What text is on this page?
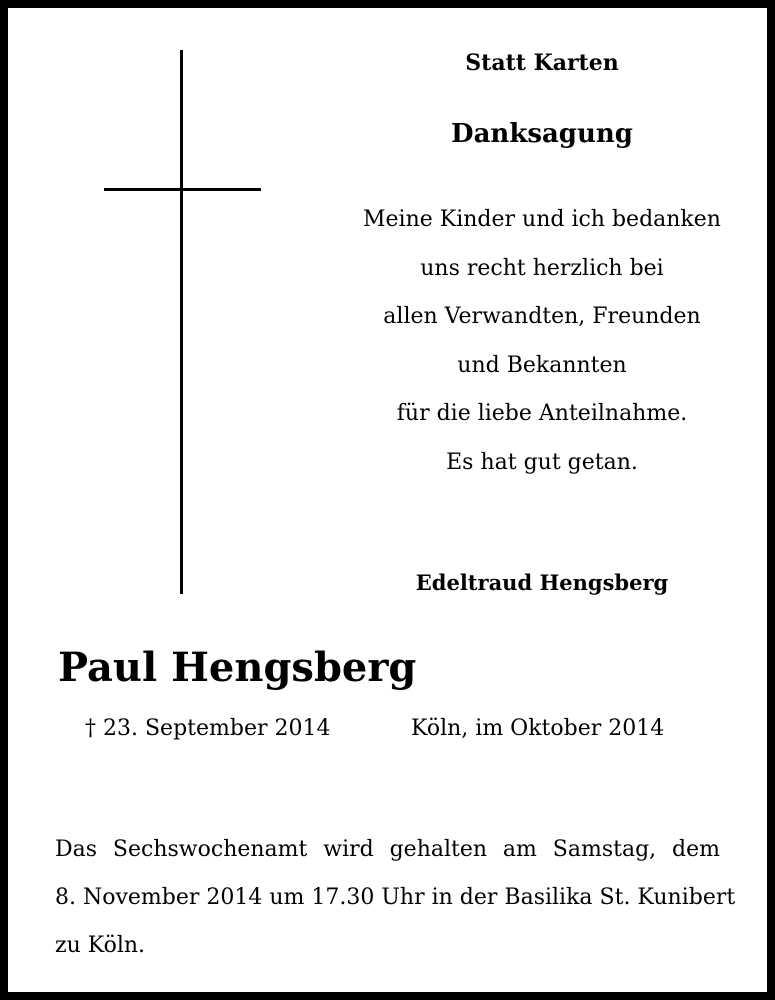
Statt Karten
Danksagung
Meine Kinder und ich bedanken
uns recht herzlich bei
allen Verwandten, Freunden
und Bekannten
für die liebe Anteilnahme.
Es hat gut getan.
Edeltraud Hengsberg
Paul Hengsberg
† 23. September 2014	Köln, im Oktober 2014
Das Sechswochenamt wird gehalten am Samstag, dem
8. November 2014 um 17.30 Uhr in der Basilika St. Kunibert
zu Köln.
